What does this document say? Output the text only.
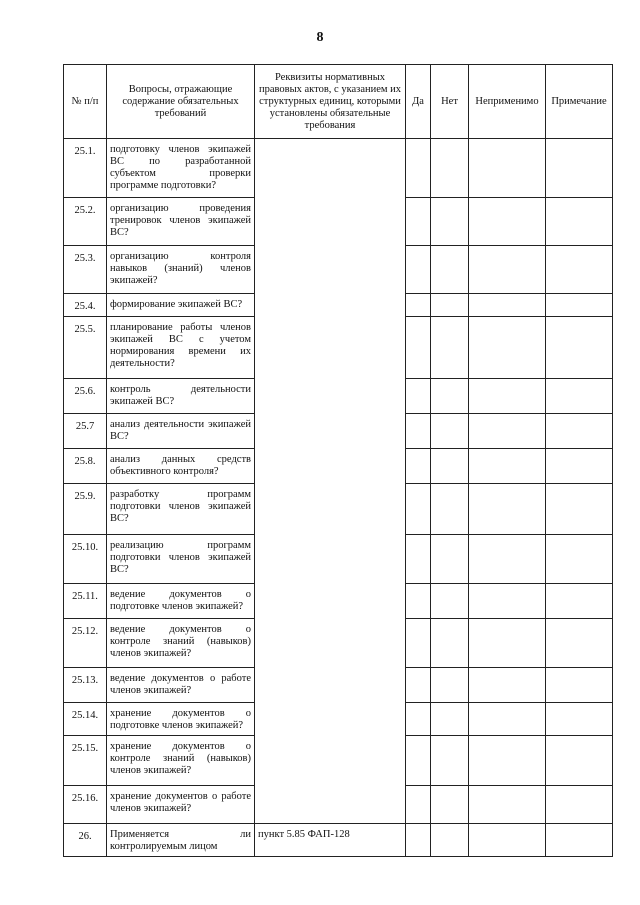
8
№ п/п	Вопросы, отражающие содержание обязательных требований	Реквизиты нормативных правовых актов, с указанием их структурных единиц, которыми установлены обязательные требования	Да	Нет	Неприменимо	Примечание
25.1.	подготовку членов экипажей ВС по разработанной субъектом проверки программе подготовки?					
25.2.	организацию проведения тренировок членов экипажей ВС?					
25.3.	организацию контроля навыков (знаний) членов экипажей?					
25.4.	формирование экипажей ВС?					
25.5.	планирование работы членов экипажей ВС с учетом нормирования времени их деятельности?					
25.6.	контроль деятельности экипажей ВС?					
25.7	анализ деятельности экипажей ВС?					
25.8.	анализ данных средств объективного контроля?					
25.9.	разработку программ подготовки членов экипажей ВС?					
25.10.	реализацию программ подготовки членов экипажей ВС?					
25.11.	ведение документов о подготовке членов экипажей?					
25.12.	ведение документов о контроле знаний (навыков) членов экипажей?					
25.13.	ведение документов о работе членов экипажей?					
25.14.	хранение документов о подготовке членов экипажей?					
25.15.	хранение документов о контроле знаний (навыков) членов экипажей?					
25.16.	хранение документов о работе членов экипажей?					
26.	Применяется ли контролируемым лицом	пункт 5.85 ФАП-128				
